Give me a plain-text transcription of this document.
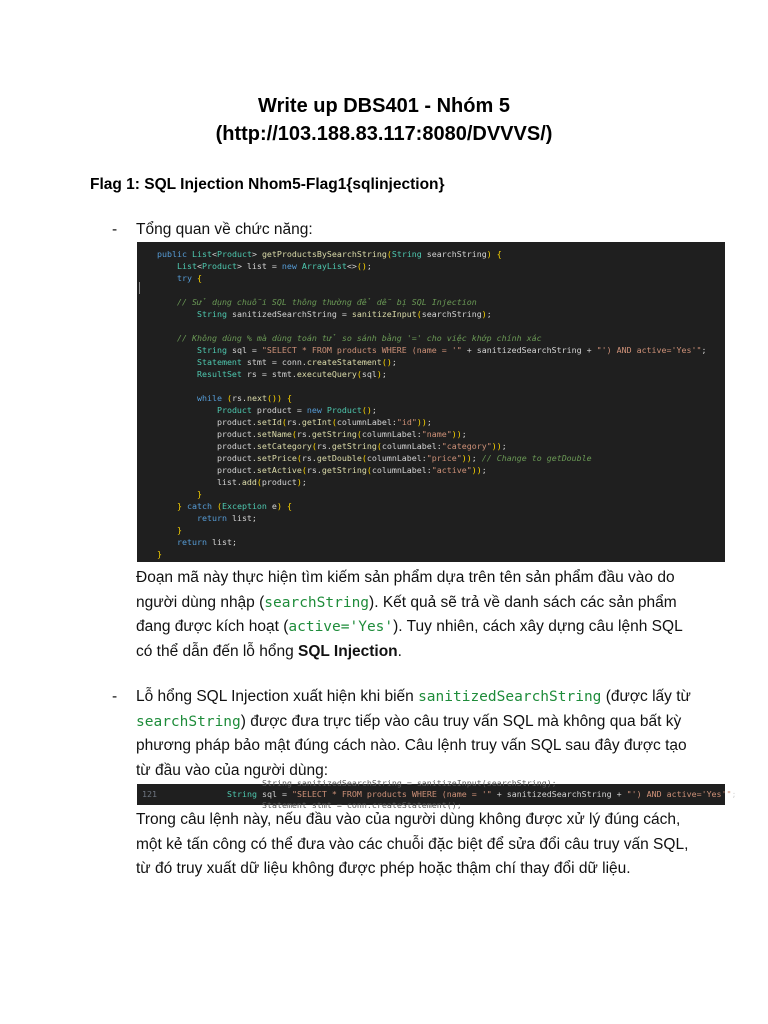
Write up DBS401 - Nhóm 5
(http://103.188.83.117:8080/DVVVS/)
Flag 1: SQL Injection Nhom5-Flag1{sqlinjection}
- Tổng quan về chức năng:
public List<Product> getProductsBySearchString(String searchString) {
List<Product> list = new ArrayList<>();
try {
// Sử dụng chuỗi SQL thông thường để dễ bị SQL Injection
String sanitizedSearchString = sanitizeInput(searchString);
// Không dùng % mà dùng toán tử so sánh bằng '=' cho việc khớp chính xác
String sql = "SELECT * FROM products WHERE (name = '" + sanitizedSearchString + "') AND active='Yes'";
Statement stmt = conn.createStatement();
ResultSet rs = stmt.executeQuery(sql);
while (rs.next()) {
Product product = new Product();
product.setId(rs.getInt(columnLabel:"id"));
product.setName(rs.getString(columnLabel:"name"));
product.setCategory(rs.getString(columnLabel:"category"));
product.setPrice(rs.getDouble(columnLabel:"price")); // Change to getDouble
product.setActive(rs.getString(columnLabel:"active"));
list.add(product);
}
} catch (Exception e) {
return list;
}
return list;
}
Đoạn mã này thực hiện tìm kiếm sản phẩm dựa trên tên sản phẩm đầu vào do người dùng nhập (searchString). Kết quả sẽ trả về danh sách các sản phẩm đang được kích hoạt (active='Yes'). Tuy nhiên, cách xây dựng câu lệnh SQL có thể dẫn đến lỗ hổng SQL Injection.
- Lỗ hổng SQL Injection xuất hiện khi biến sanitizedSearchString (được lấy từ searchString) được đưa trực tiếp vào câu truy vấn SQL mà không qua bất kỳ phương pháp bảo mật đúng cách nào. Câu lệnh truy vấn SQL sau đây được tạo từ đầu vào của người dùng:
String sanitizedSearchString = sanitizeInput(searchString);
121	String sql = "SELECT * FROM products WHERE (name = '" + sanitizedSearchString + "') AND active='Yes'";
Statement stmt = conn.createStatement();
Trong câu lệnh này, nếu đầu vào của người dùng không được xử lý đúng cách, một kẻ tấn công có thể đưa vào các chuỗi đặc biệt để sửa đổi câu truy vấn SQL, từ đó truy xuất dữ liệu không được phép hoặc thậm chí thay đổi dữ liệu.
